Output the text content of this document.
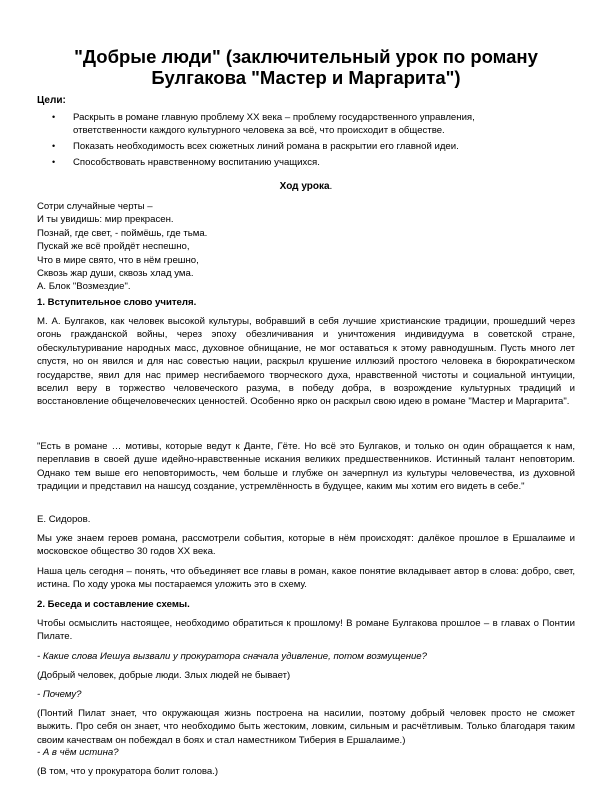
"Добрые люди" (заключительный урок по роману Булгакова "Мастер и Маргарита")
Цели:
• Раскрыть в романе главную проблему XX века – проблему государственного управления, ответственности каждого культурного человека за всё, что происходит в обществе.
• Показать необходимость всех сюжетных линий романа в раскрытии его главной идеи.
• Способствовать нравственному воспитанию учащихся.
Ход урока.
Сотри случайные черты –
И ты увидишь: мир прекрасен.
Познай, где свет, - поймёшь, где тьма.
Пускай же всё пройдёт неспешно,
Что в мире свято, что в нём грешно,
Сквозь жар души, сквозь хлад ума.
А. Блок "Возмездие".
1. Вступительное слово учителя.
М. А. Булгаков, как человек высокой культуры, вобравший в себя лучшие христианские традиции, прошедший через огонь гражданской войны, через эпоху обезличивания и уничтожения индивидуума в советской стране, обескультуривание народных масс, духовное обнищание, не мог оставаться к этому равнодушным. Пусть много лет спустя, но он явился и для нас совестью нации, раскрыл крушение иллюзий простого человека в бюрократическом государстве, явил для нас пример несгибаемого творческого духа, нравственной чистоты и социальной интуиции, вселил веру в торжество человеческого разума, в победу добра, в возрождение культурных традиций и восстановление общечеловеческих ценностей. Особенно ярко он раскрыл свою идею в романе "Мастер и Маргарита".
"Есть в романе … мотивы, которые ведут к Данте, Гёте. Но всё это Булгаков, и только он один обращается к нам, переплавив в своей душе идейно-нравственные искания великих предшественников. Истинный талант неповторим. Однако тем выше его неповторимость, чем больше и глубже он зачерпнул из культуры человечества, из духовной традиции и представил на нашсуд создание, устремлённость в будущее, каким мы хотим его видеть в себе."
Е. Сидоров.
Мы уже знаем героев романа, рассмотрели события, которые в нём происходят: далёкое прошлое в Ершалаиме и московское общество 30 годов XX века.
Наша цель сегодня – понять, что объединяет все главы в роман, какое понятие вкладывает автор в слова: добро, свет, истина. По ходу урока мы постараемся уложить это в схему.
2. Беседа и составление схемы.
Чтобы осмыслить настоящее, необходимо обратиться к прошлому! В романе Булгакова прошлое – в главах о Понтии Пилате.
- Какие слова Иешуа вызвали у прокуратора сначала удивление, потом возмущение?
(Добрый человек, добрые люди. Злых людей не бывает)
- Почему?
(Понтий Пилат знает, что окружающая жизнь построена на насилии, поэтому добрый человек просто не сможет выжить. Про себя он знает, что необходимо быть жестоким, ловким, сильным и расчётливым. Только благодаря таким своим качествам он побеждал в боях и стал наместником Тиберия в Ершалаиме.)
- А в чём истина?
(В том, что у прокуратора болит голова.)
